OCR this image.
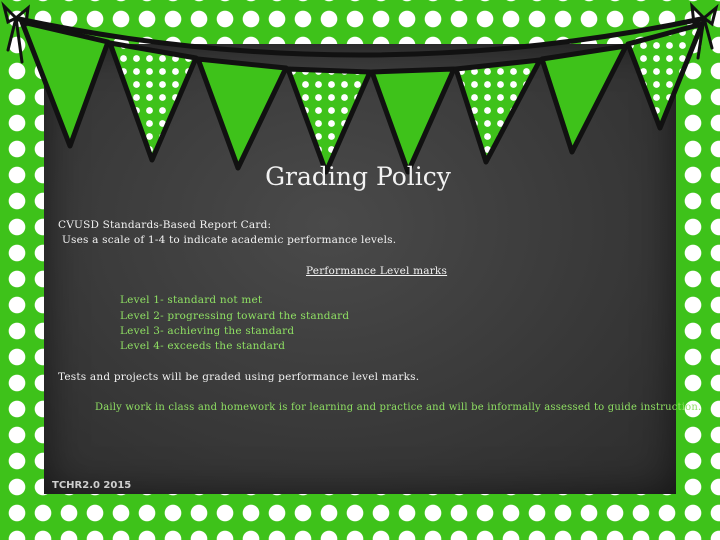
Grading Policy
CVUSD Standards-Based Report Card:
Uses a scale of 1-4 to indicate academic performance levels.
Performance Level marks
Level 1- standard not met
Level 2- progressing toward the standard
Level 3- achieving the standard
Level 4- exceeds the standard
Tests and projects will be graded using performance level marks.
Daily work in class and homework is for learning and practice and will be informally assessed to guide instruction.
TCHR2.0 2015
